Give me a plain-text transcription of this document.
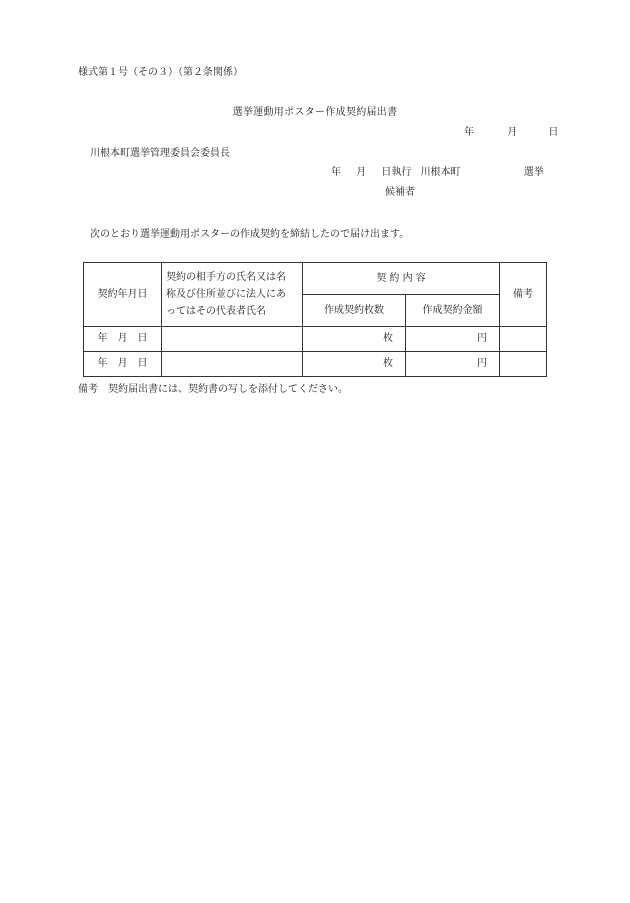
様式第１号（その３）（第２条関係）
選挙運動用ポスター作成契約届出書
年	月	日
川根本町選挙管理委員会委員長
年 月 日執行 川根本町	選挙
候補者
次のとおり選挙運動用ポスターの作成契約を締結したので届け出ます。
契約年月日	契約の相手方の氏名又は名
称及び住所並びに法人にあ
ってはその代表者氏名	契 約 内 容		備考
		作成契約枚数	作成契約金額	
年　月　日		枚	円	
年　月　日		枚	円	
備考　契約届出書には、契約書の写しを添付してください。
